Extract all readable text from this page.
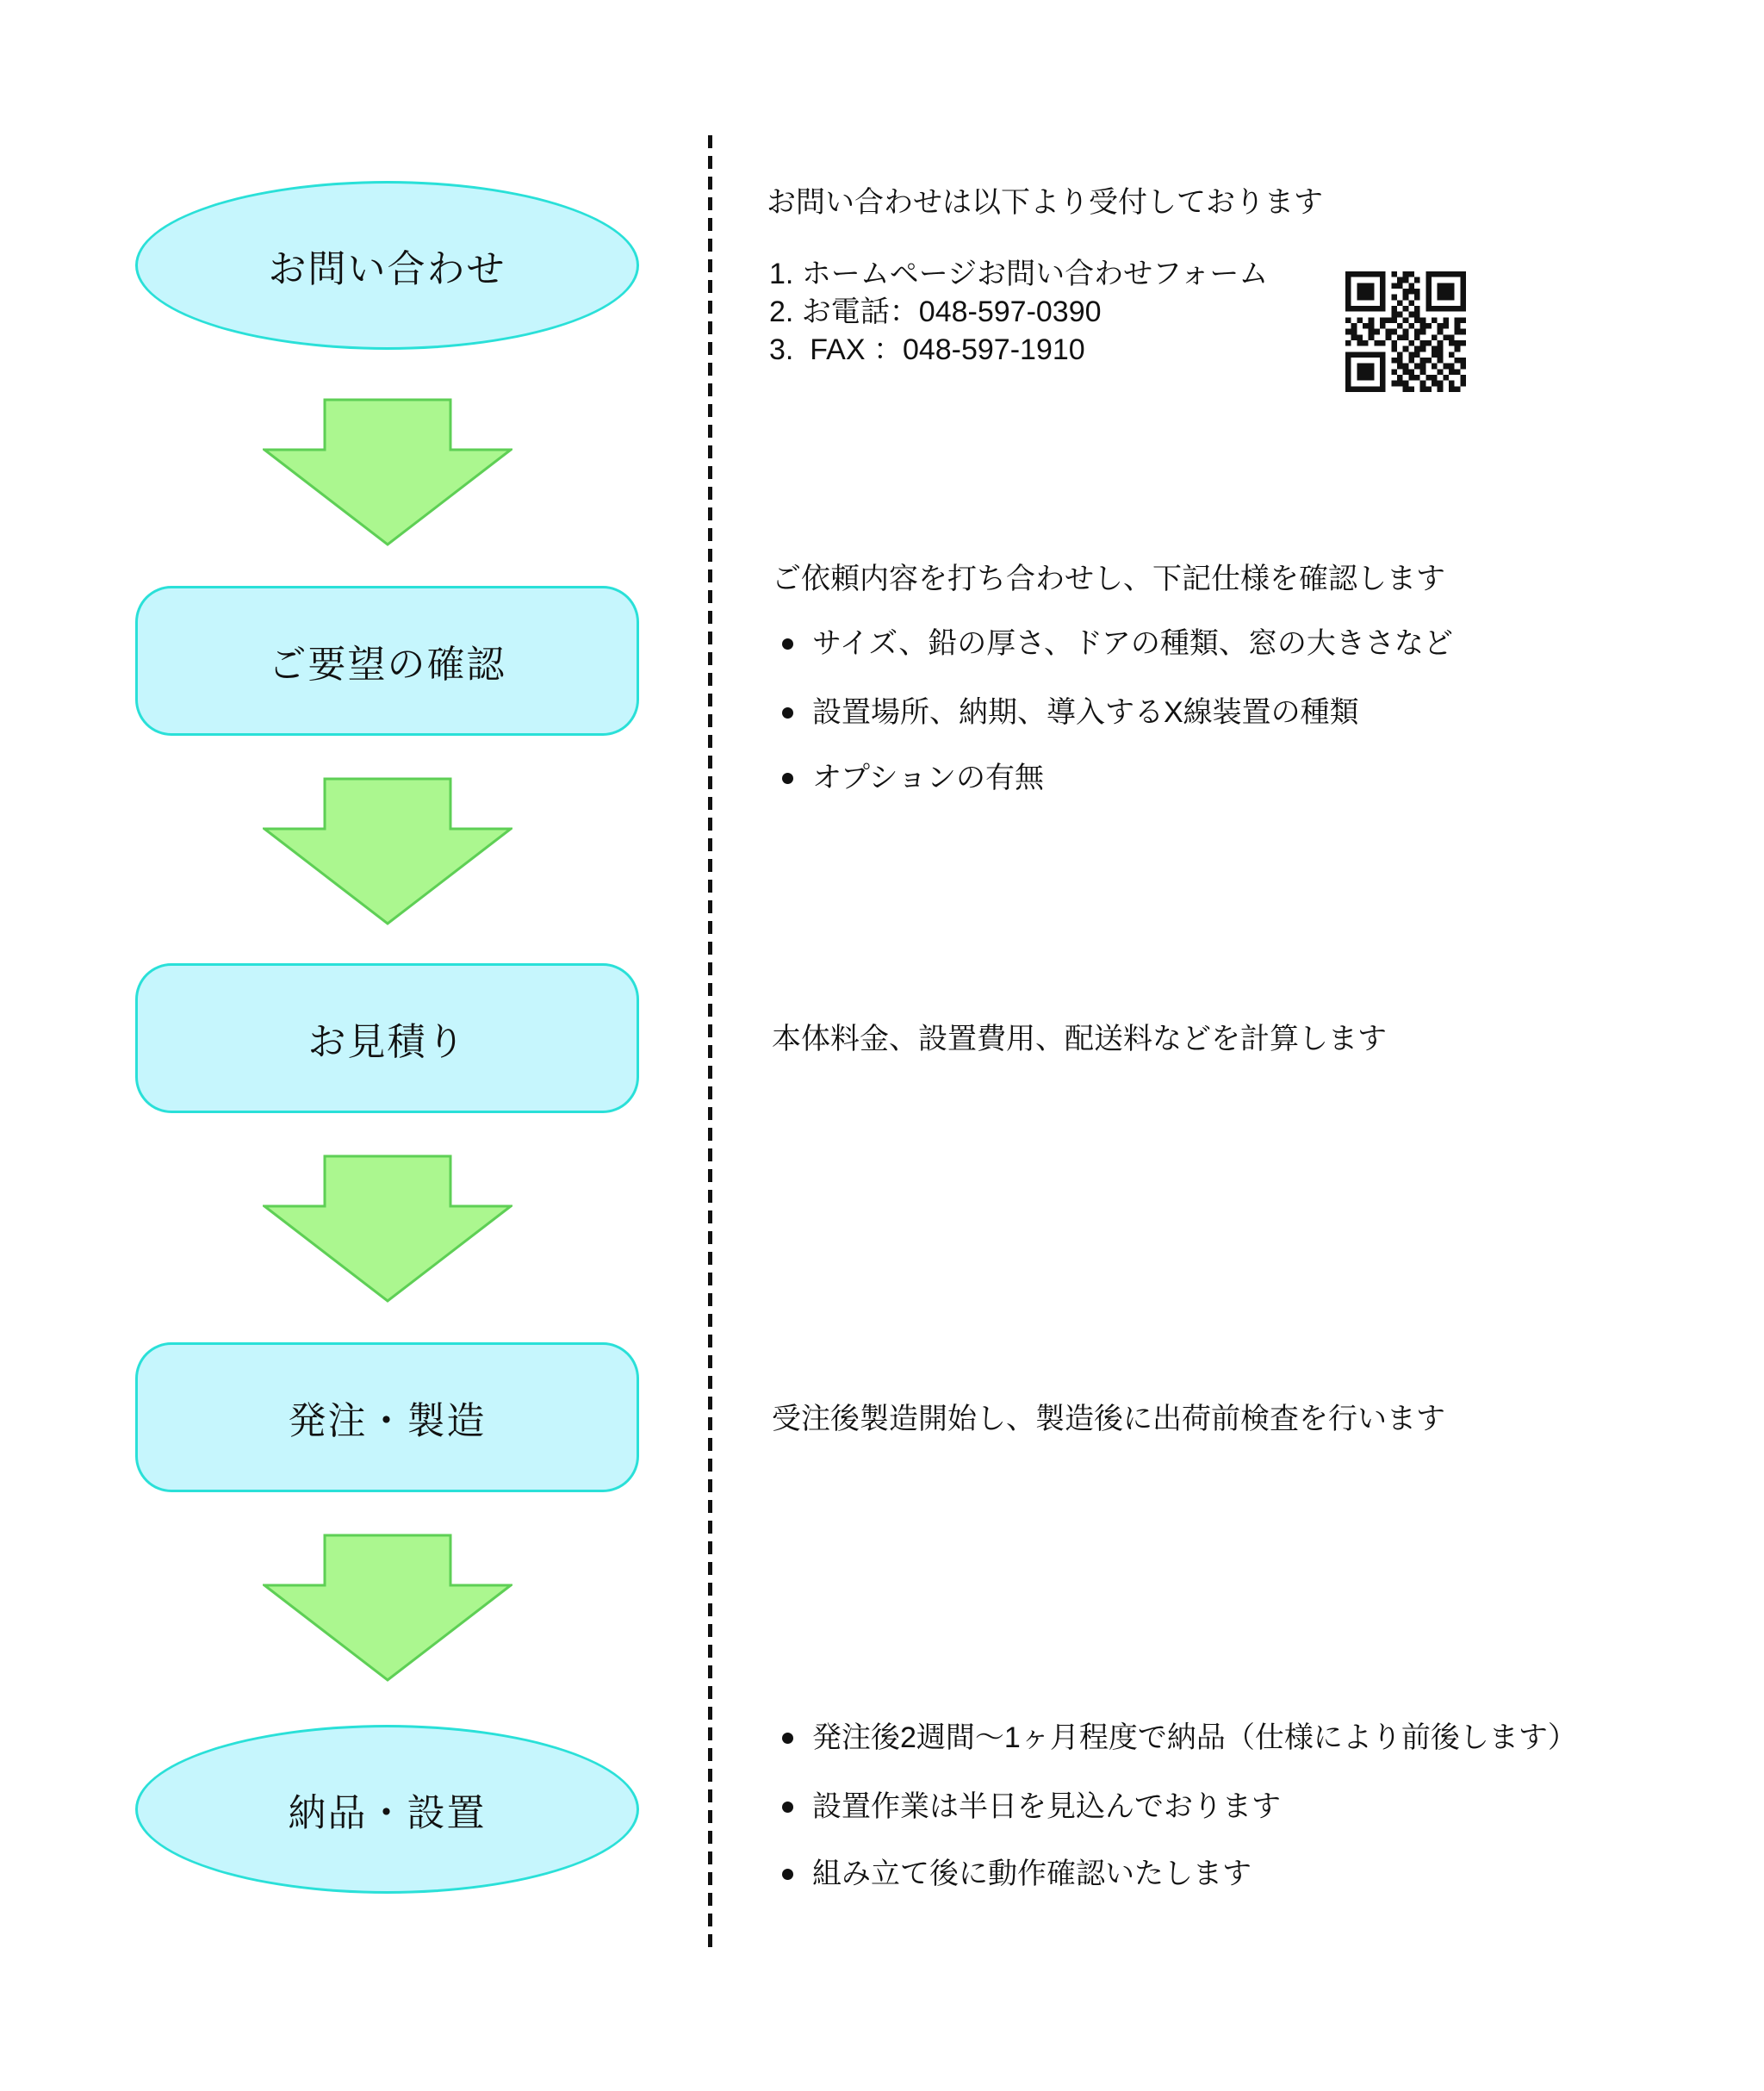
お問い合わせ
ご要望の確認
お見積り
発注・製造
納品・設置
お問い合わせは以下より受付しております
1. ホームページお問い合わせフォーム
2. お電話：048-597-0390
3.  FAX ：048-597-1910
ご依頼内容を打ち合わせし、下記仕様を確認します
サイズ、鉛の厚さ、ドアの種類、窓の大きさなど
設置場所、納期、導入するX線装置の種類
オプションの有無
本体料金、設置費用、配送料などを計算します
受注後製造開始し、製造後に出荷前検査を行います
発注後2週間～1ヶ月程度で納品（仕様により前後します）
設置作業は半日を見込んでおります
組み立て後に動作確認いたします
